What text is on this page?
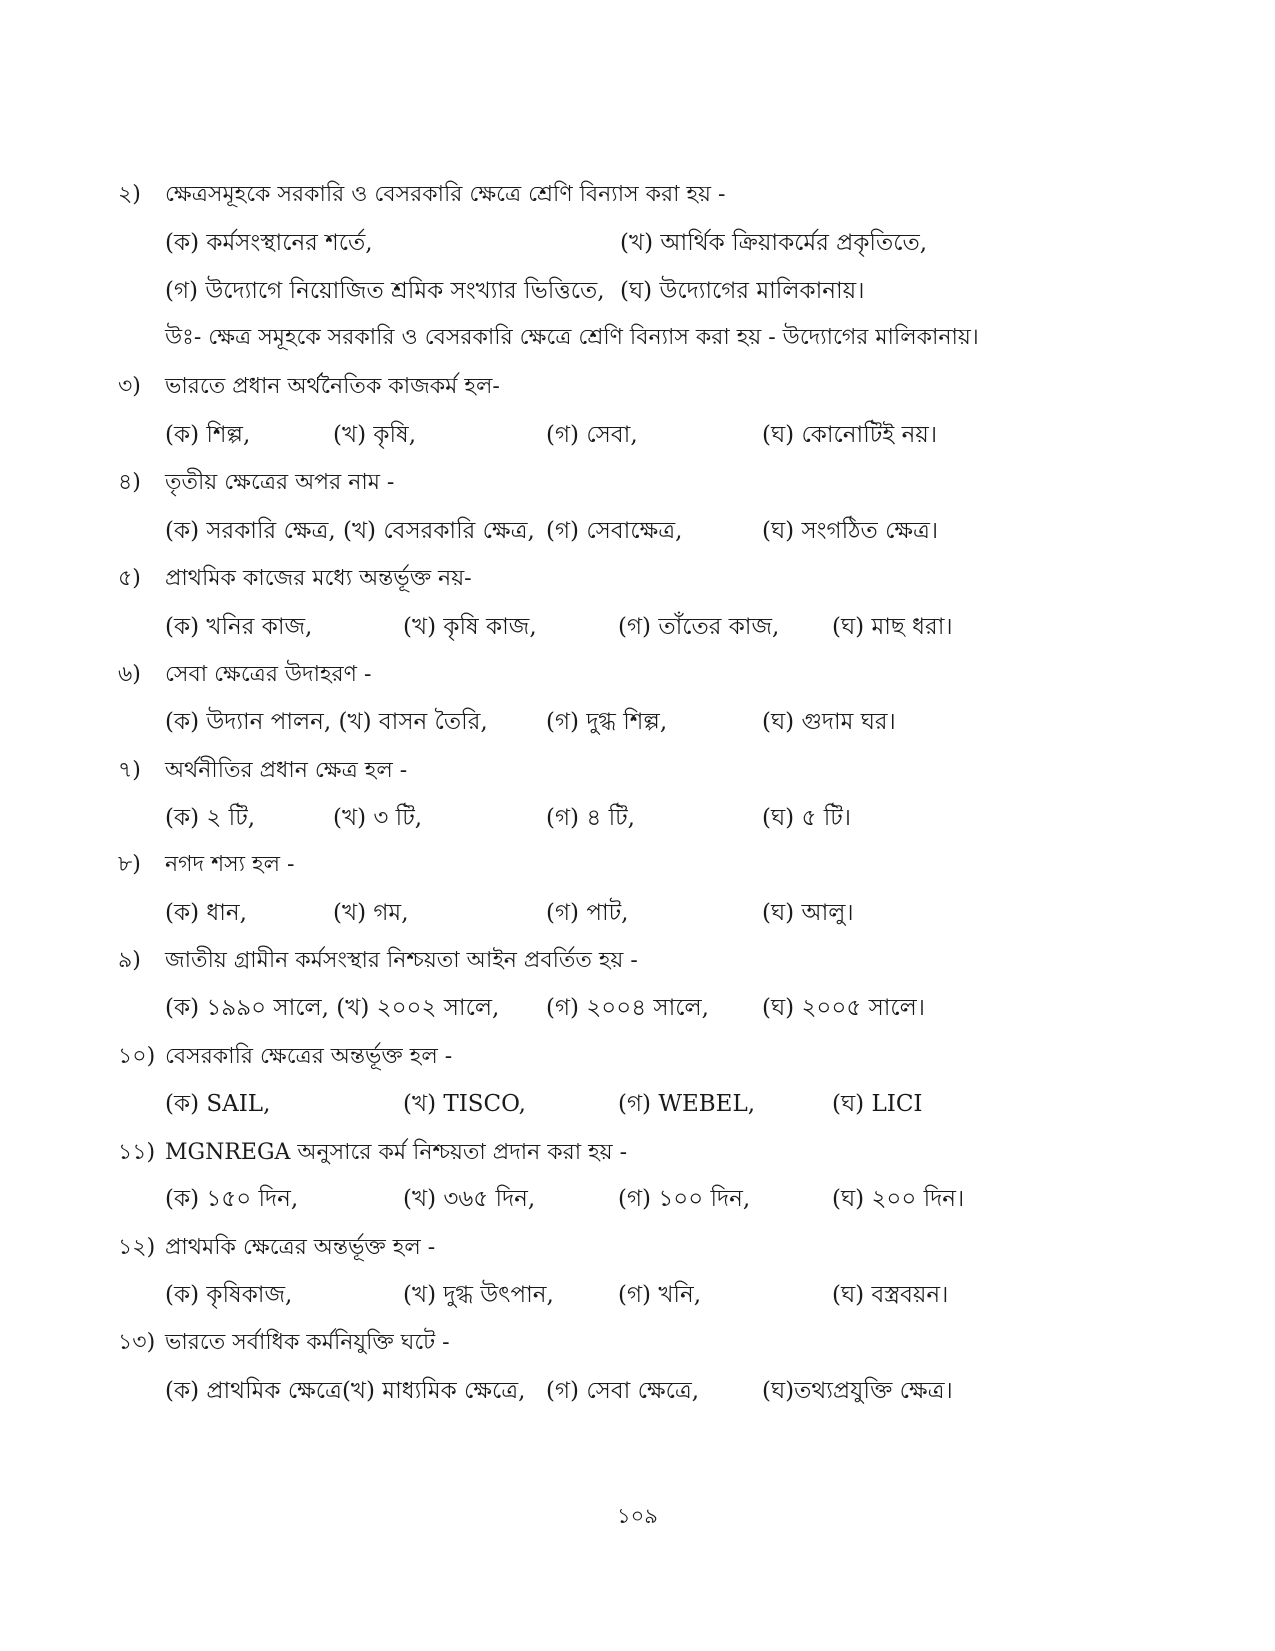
২) ক্ষেত্রসমূহকে সরকারি ও বেসরকারি ক্ষেত্রে শ্রেণি বিন্যাস করা হয় -
(ক) কর্মসংস্থানের শর্তে,	(খ) আর্থিক ক্রিয়াকর্মের প্রকৃতিতে,
(গ) উদ্যোগে নিয়োজিত শ্রমিক সংখ্যার ভিত্তিতে, (ঘ) উদ্যোগের মালিকানায়।
উঃ- ক্ষেত্র সমূহকে সরকারি ও বেসরকারি ক্ষেত্রে শ্রেণি বিন্যাস করা হয় - উদ্যোগের মালিকানায়।
৩) ভারতে প্রধান অর্থনৈতিক কাজকর্ম হল-
(ক) শিল্প,	(খ) কৃষি,	(গ) সেবা,	(ঘ) কোনোটিই নয়।
৪) তৃতীয় ক্ষেত্রের অপর নাম -
(ক) সরকারি ক্ষেত্র, (খ) বেসরকারি ক্ষেত্র, (গ) সেবাক্ষেত্র,	(ঘ) সংগঠিত ক্ষেত্র।
৫) প্রাথমিক কাজের মধ্যে অন্তর্ভূক্ত নয়-
(ক) খনির কাজ,	(খ) কৃষি কাজ,	(গ) তাঁতের কাজ, (ঘ) মাছ ধরা।
৬) সেবা ক্ষেত্রের উদাহরণ -
(ক) উদ্যান পালন, (খ) বাসন তৈরি,	(গ) দুগ্ধ শিল্প,	(ঘ) গুদাম ঘর।
৭) অর্থনীতির প্রধান ক্ষেত্র হল -
(ক) ২ টি,	(খ) ৩ টি,	(গ) ৪ টি,	(ঘ) ৫ টি।
৮) নগদ শস্য হল -
(ক) ধান,	(খ) গম,	(গ) পাট,	(ঘ) আলু।
৯) জাতীয় গ্রামীন কর্মসংস্থার নিশ্চয়তা আইন প্রবর্তিত হয় -
(ক) ১৯৯০ সালে, (খ) ২০০২ সালে, (গ) ২০০৪ সালে, (ঘ) ২০০৫ সালে।
১০) বেসরকারি ক্ষেত্রের অন্তর্ভূক্ত হল -
(ক) SAIL,	(খ) TISCO,	(গ) WEBEL,	(ঘ) LICI
১১) MGNREGA অনুসারে কর্ম নিশ্চয়তা প্রদান করা হয় -
(ক) ১৫০ দিন,	(খ) ৩৬৫ দিন,	(গ) ১০০ দিন,	(ঘ) ২০০ দিন।
১২) প্রাথমকি ক্ষেত্রের অন্তর্ভূক্ত হল -
(ক) কৃষিকাজ,	(খ) দুগ্ধ উৎপান,	(গ) খনি,	(ঘ) বস্ত্রবয়ন।
১৩) ভারতে সর্বাধিক কর্মনিযুক্তি ঘটে -
(ক) প্রাথমিক ক্ষেত্রে(খ) মাধ্যমিক ক্ষেত্রে, (গ) সেবা ক্ষেত্রে,	(ঘ)তথ্যপ্রযুক্তি ক্ষেত্র।
১০৯
